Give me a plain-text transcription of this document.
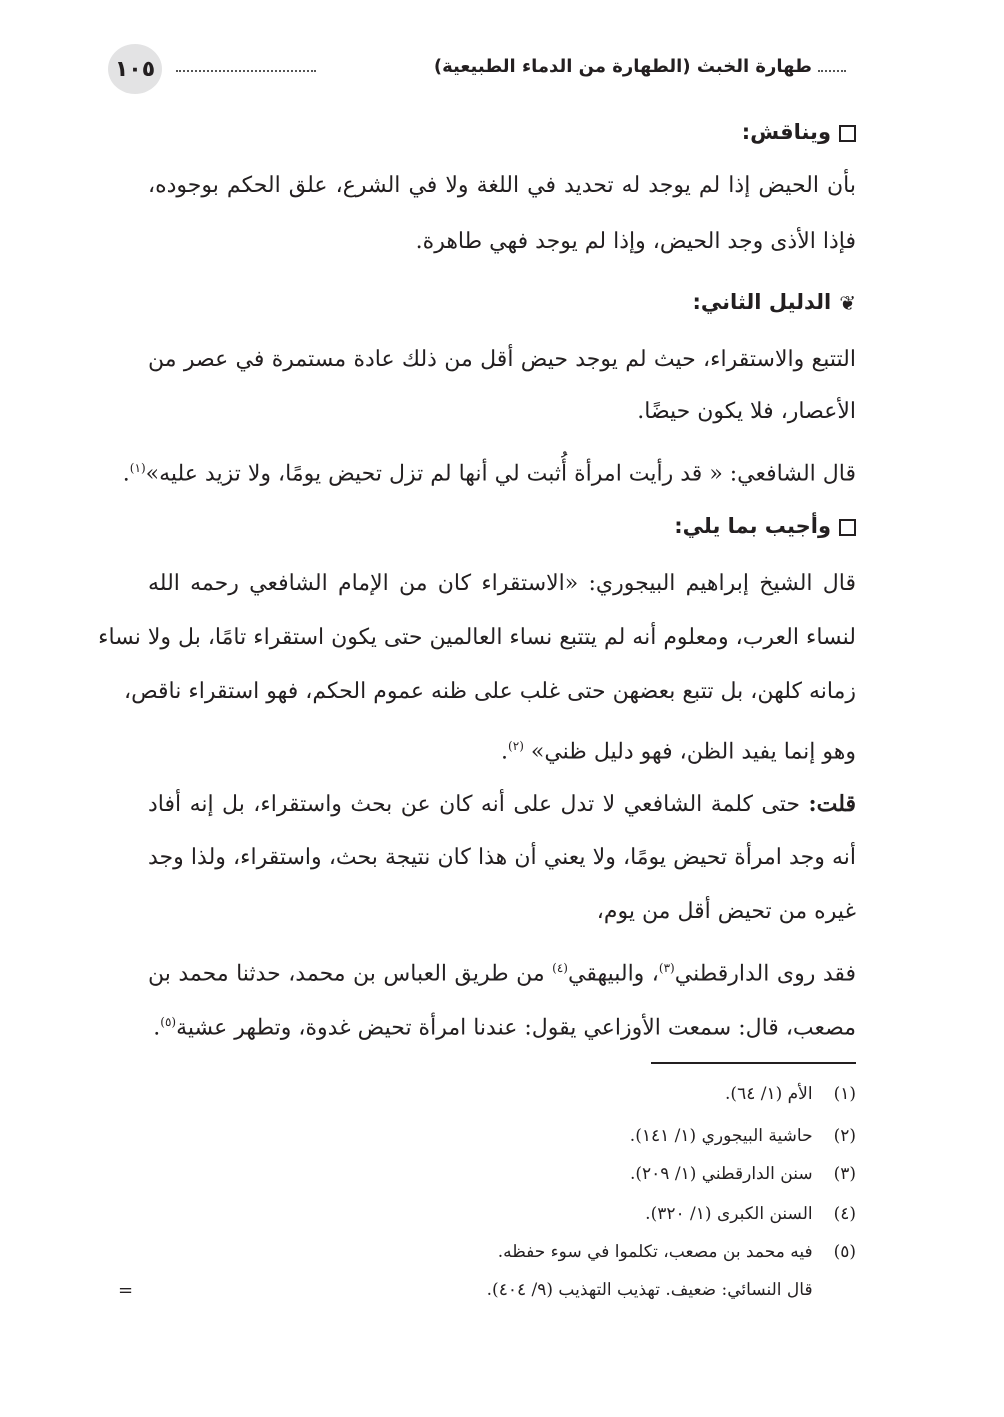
١٠٥	طهارة الخبث (الطهارة من الدماء الطبيعية)
ويناقش:
بأن الحيض إذا لم يوجد له تحديد في اللغة ولا في الشرع، علق الحكم بوجوده،
فإذا الأذى وجد الحيض، وإذا لم يوجد فهي طاهرة.
❦الدليل الثاني:
التتبع والاستقراء، حيث لم يوجد حيض أقل من ذلك عادة مستمرة في عصر من
الأعصار، فلا يكون حيضًا.
قال الشافعي: « قد رأيت امرأة أُثبت لي أنها لم تزل تحيض يومًا، ولا تزيد عليه»$^{(١)}$.
وأجيب بما يلي:
قال الشيخ إبراهيم البيجوري: «الاستقراء كان من الإمام الشافعي رحمه الله
لنساء العرب، ومعلوم أنه لم يتتبع نساء العالمين حتى يكون استقراء تامًا، بل ولا نساء
زمانه كلهن، بل تتبع بعضهن حتى غلب على ظنه عموم الحكم، فهو استقراء ناقص،
وهو إنما يفيد الظن، فهو دليل ظني» $^{(٢)}$.
قلت: حتى كلمة الشافعي لا تدل على أنه كان عن بحث واستقراء، بل إنه أفاد
أنه وجد امرأة تحيض يومًا، ولا يعني أن هذا كان نتيجة بحث، واستقراء، ولذا وجد
غيره من تحيض أقل من يوم،
فقد روى الدارقطني$^{(٣)}$، والبيهقي$^{(٤)}$ من طريق العباس بن محمد، حدثنا محمد بن
مصعب، قال: سمعت الأوزاعي يقول: عندنا امرأة تحيض غدوة، وتطهر عشية$^{(٥)}$.
(١) الأم (١/ ٦٤).
(٢) حاشية البيجوري (١/ ١٤١).
(٣) سنن الدارقطني (١/ ٢٠٩).
(٤) السنن الكبرى (١/ ٣٢٠).
(٥) فيه محمد بن مصعب، تكلموا في سوء حفظه.
قال النسائي: ضعيف. تهذيب التهذيب (٩/ ٤٠٤).
=
